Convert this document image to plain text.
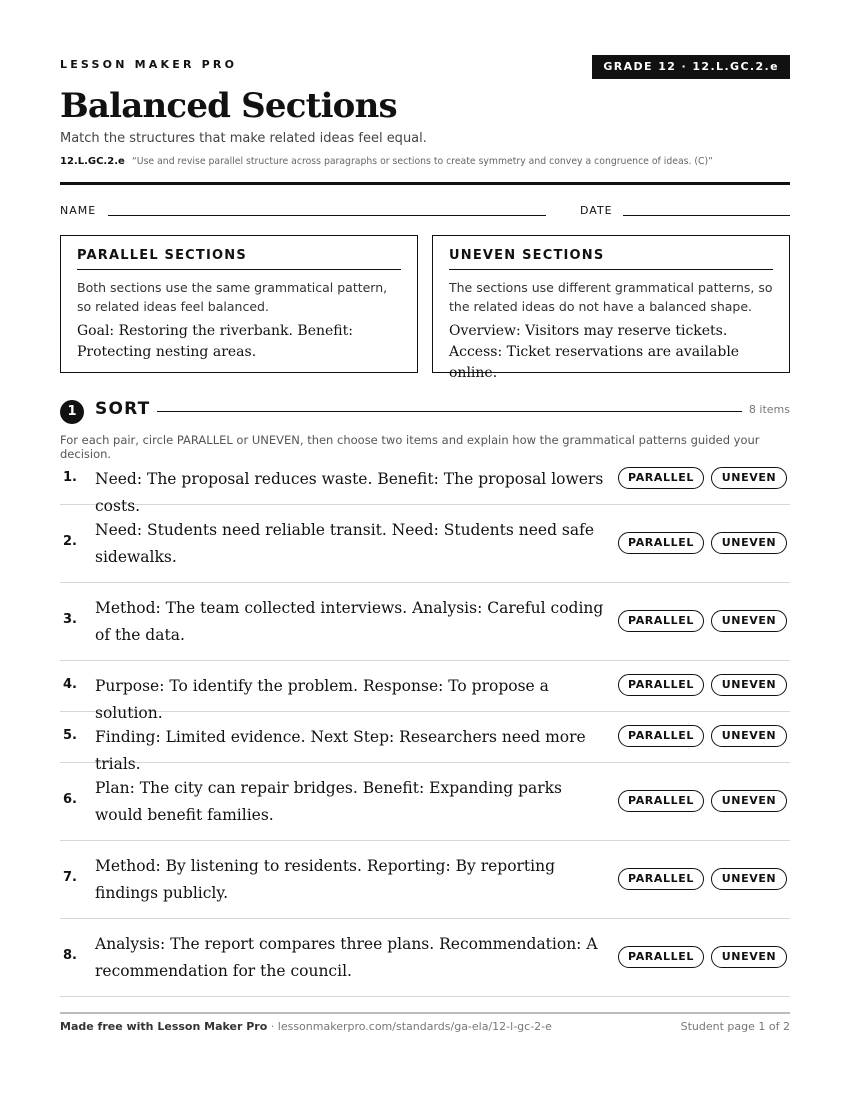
LESSON MAKER PRO	GRADE 12 · 12.L.GC.2.e
Balanced Sections
Match the structures that make related ideas feel equal.
12.L.GC.2.e “Use and revise parallel structure across paragraphs or sections to create symmetry and convey a congruence of ideas. (C)”
NAME	DATE
PARALLEL SECTIONS
Both sections use the same grammatical pattern, so related ideas feel balanced.
Goal: Restoring the riverbank. Benefit: Protecting nesting areas.
UNEVEN SECTIONS
The sections use different grammatical patterns, so the related ideas do not have a balanced shape.
Overview: Visitors may reserve tickets. Access: Ticket reservations are available online.
1	SORT	8 items
For each pair, circle PARALLEL or UNEVEN, then choose two items and explain how the grammatical patterns guided your decision.
1. Need: The proposal reduces waste. Benefit: The proposal lowers costs.
PARALLEL	UNEVEN
2.
Need: Students need reliable transit. Need: Students need safe sidewalks.
PARALLEL	UNEVEN
3.
Method: The team collected interviews. Analysis: Careful coding of the data.
PARALLEL	UNEVEN
4. Purpose: To identify the problem. Response: To propose a solution.
PARALLEL	UNEVEN
5. Finding: Limited evidence. Next Step: Researchers need more trials.
PARALLEL	UNEVEN
6.
Plan: The city can repair bridges. Benefit: Expanding parks would benefit families.
PARALLEL	UNEVEN
7.
Method: By listening to residents. Reporting: By reporting findings publicly.
PARALLEL	UNEVEN
8.
Analysis: The report compares three plans. Recommendation: A recommendation for the council.
PARALLEL	UNEVEN
Made free with Lesson Maker Pro · lessonmakerpro.com/standards/ga-ela/12-l-gc-2-e	Student page 1 of 2
